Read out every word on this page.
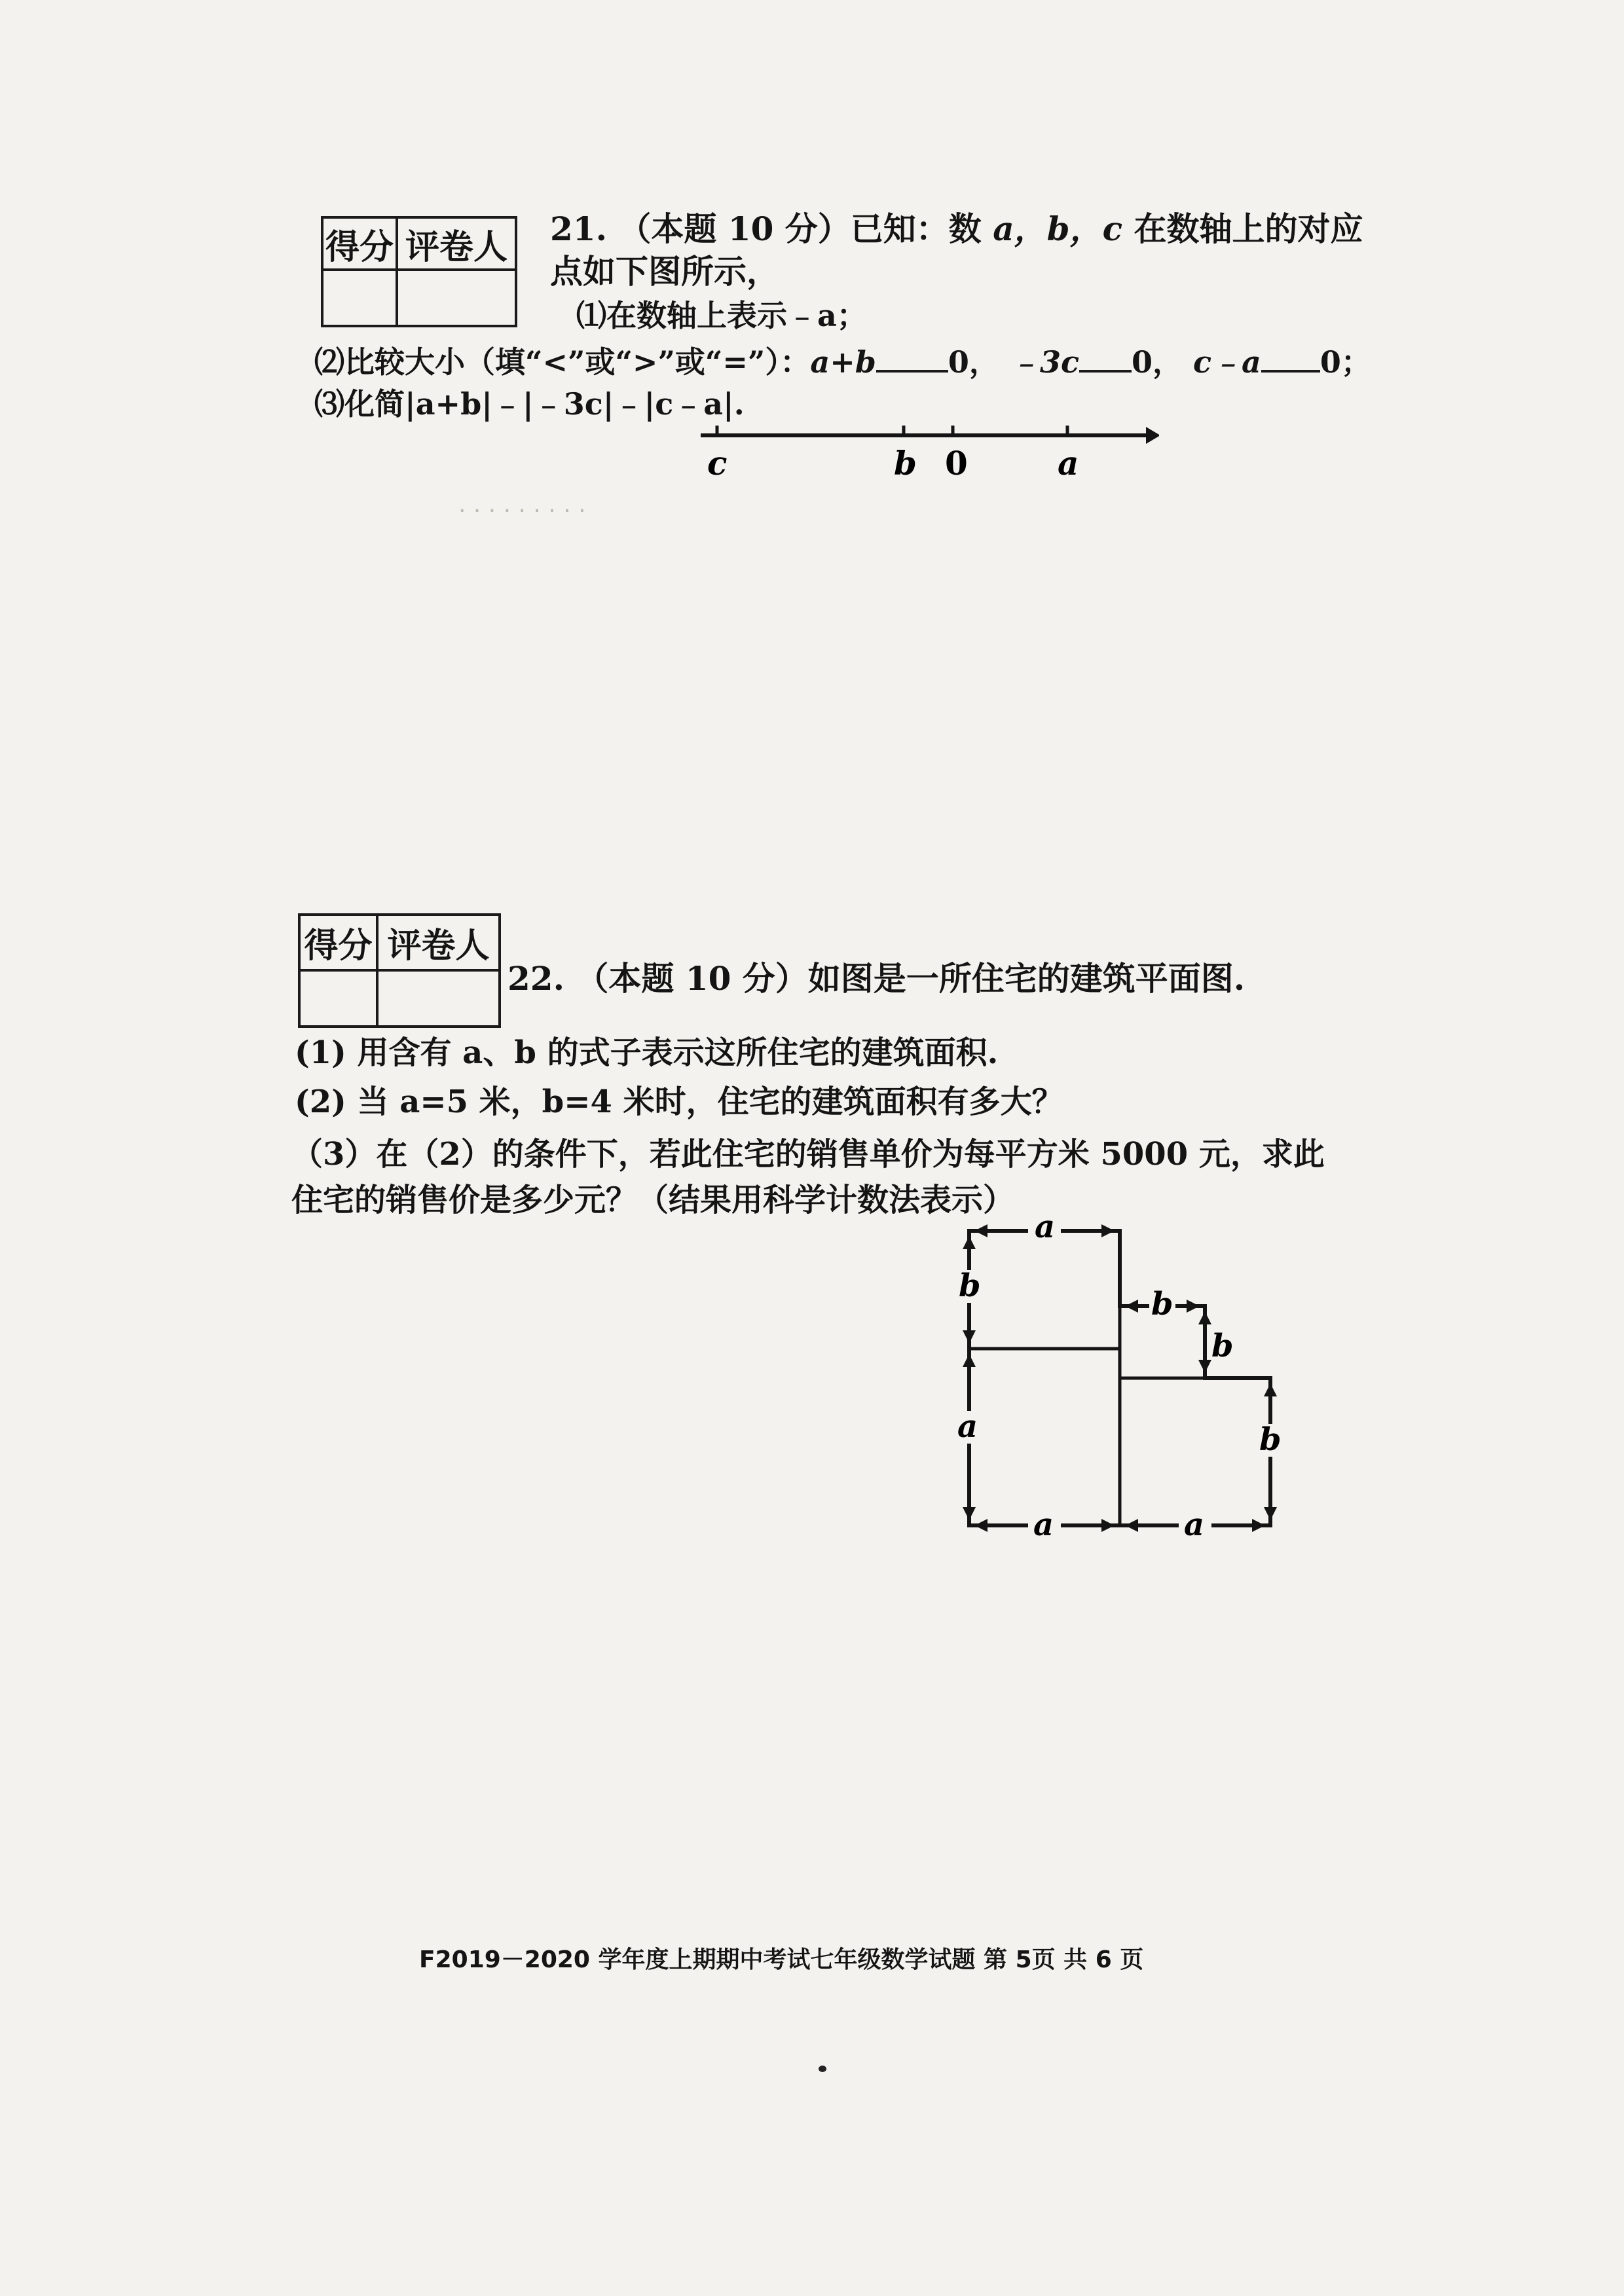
· · · · · · · · ·
得分	评卷人
	21. （本题 10 分）已知：数 a，b，c 在数轴上的对应
点如下图所示，
⑴在数轴上表示﹣a；
⑵比较大小（填“<”或“>”或“=”）：a+b 0， ﹣3c 0， c﹣a 0；
⑶化简|a+b|﹣|﹣3c|﹣|c﹣a|.
c	b 0	a
得分	评卷人

22. （本题 10 分）如图是一所住宅的建筑平面图.
(1) 用含有 a、b 的式子表示这所住宅的建筑面积.
(2) 当 a=5 米，b=4 米时，住宅的建筑面积有多大？
（3）在（2）的条件下，若此住宅的销售单价为每平方米 5000 元，求此
住宅的销售价是多少元？（结果用科学计数法表示）
a
b
a
b
b
b
a	a
F2019－2020 学年度上期期中考试七年级数学试题 第 5页 共 6 页
